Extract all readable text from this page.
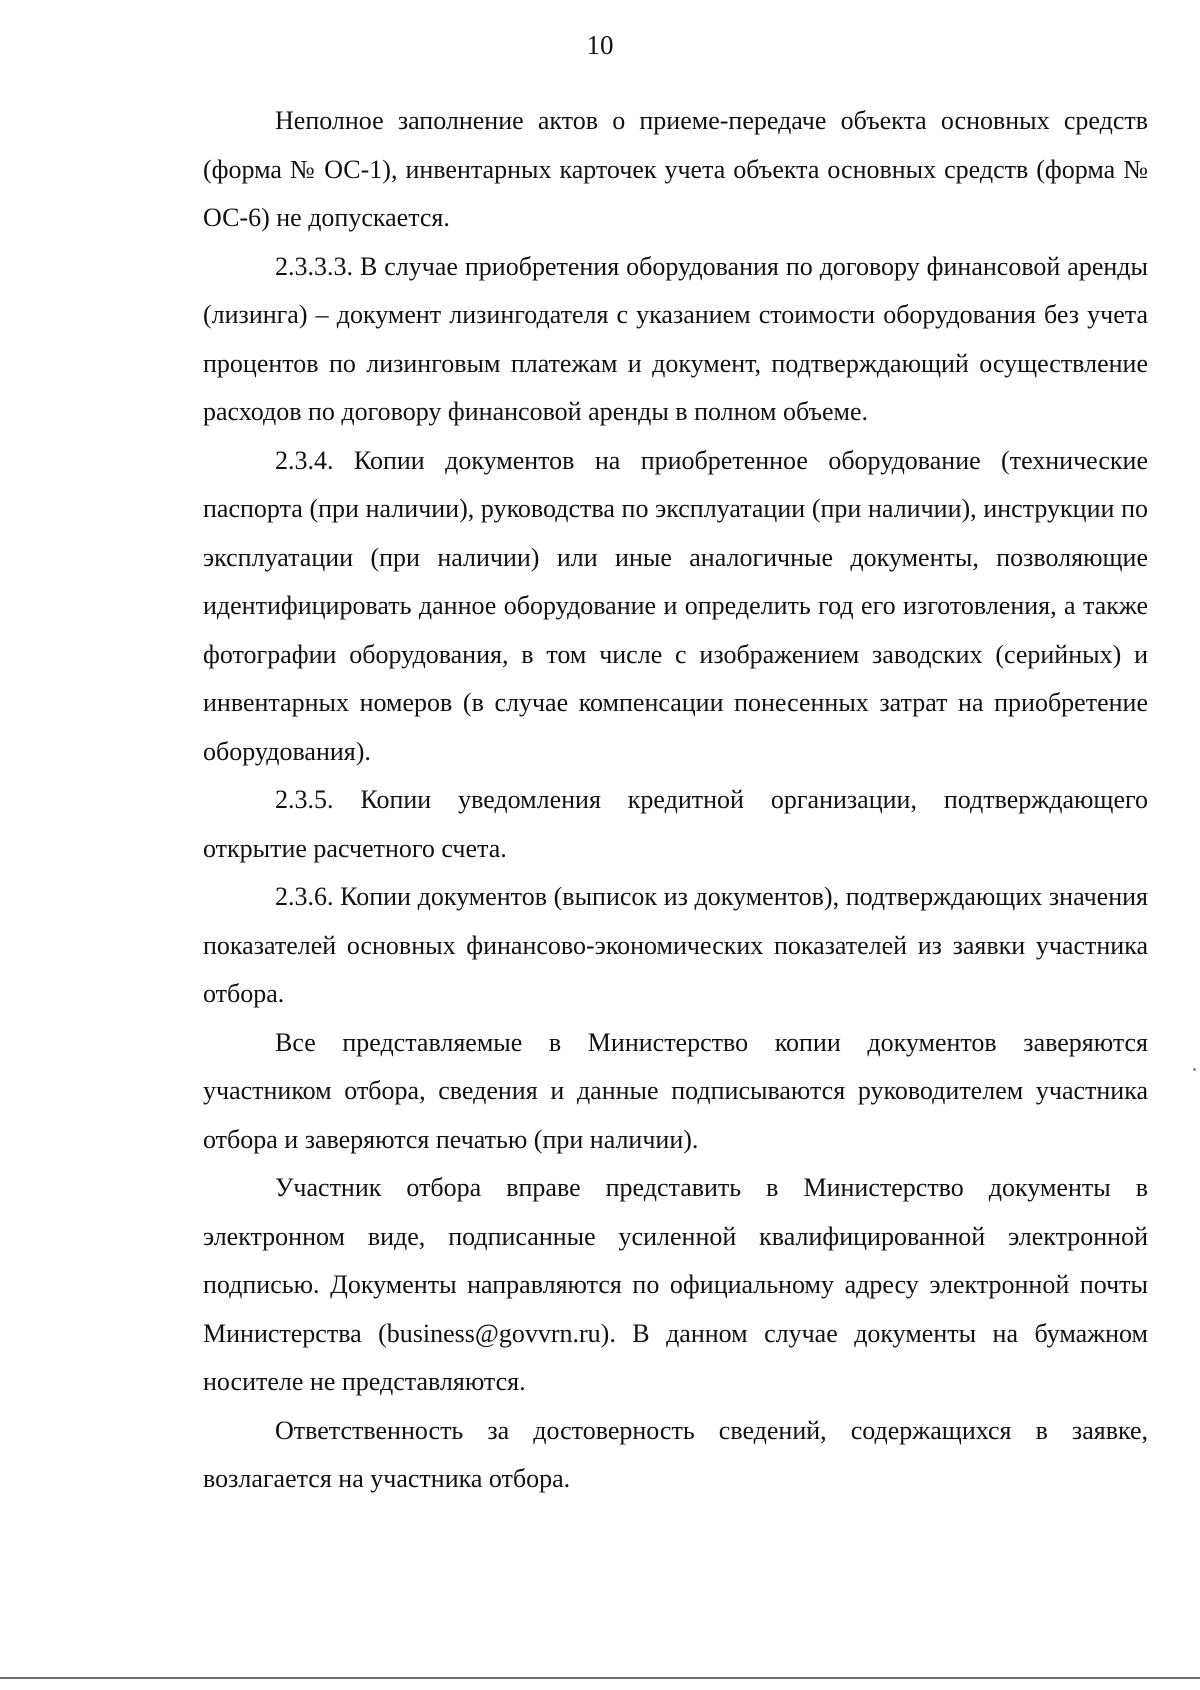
10

Неполное заполнение актов о приеме-передаче объекта основных средств (форма № ОС-1), инвентарных карточек учета объекта основных средств (форма № ОС-6) не допускается.

2.3.3.3. В случае приобретения оборудования по договору финансовой аренды (лизинга) – документ лизингодателя с указанием стоимости оборудования без учета процентов по лизинговым платежам и документ, подтверждающий осуществление расходов по договору финансовой аренды в полном объеме.

2.3.4. Копии документов на приобретенное оборудование (технические паспорта (при наличии), руководства по эксплуатации (при наличии), инструкции по эксплуатации (при наличии) или иные аналогичные документы, позволяющие идентифицировать данное оборудование и определить год его изготовления, а также фотографии оборудования, в том числе с изображением заводских (серийных) и инвентарных номеров (в случае компенсации понесенных затрат на приобретение оборудования).

2.3.5. Копии уведомления кредитной организации, подтверждающего открытие расчетного счета.

2.3.6. Копии документов (выписок из документов), подтверждающих значения показателей основных финансово-экономических показателей из заявки участника отбора.

Все представляемые в Министерство копии документов заверяются участником отбора, сведения и данные подписываются руководителем участника отбора и заверяются печатью (при наличии).

Участник отбора вправе представить в Министерство документы в электронном виде, подписанные усиленной квалифицированной электронной подписью. Документы направляются по официальному адресу электронной почты Министерства (business@govvrn.ru). В данном случае документы на бумажном носителе не представляются.

Ответственность за достоверность сведений, содержащихся в заявке, возлагается на участника отбора.
